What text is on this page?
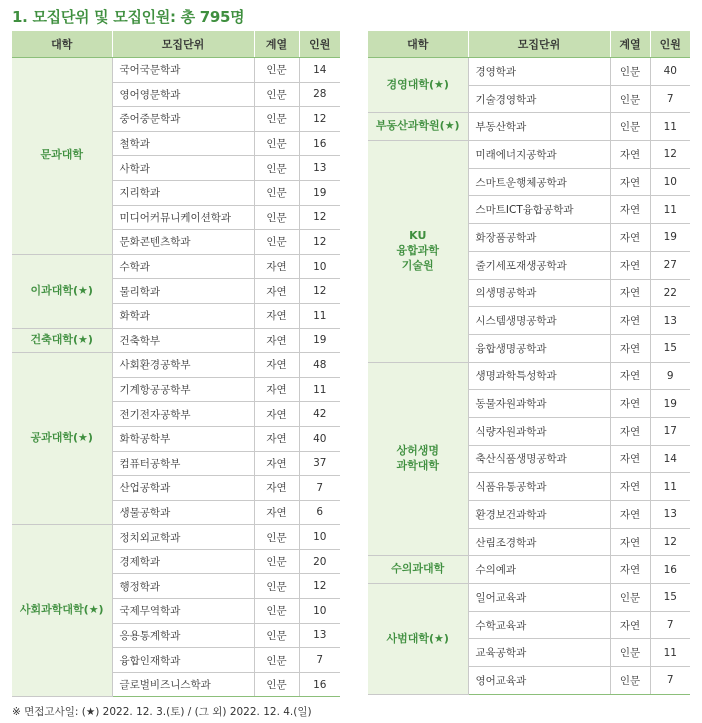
1. 모집단위 및 모집인원: 총 795명
대학	모집단위	계열	인원
문과대학	국어국문학과	인문	14
	영어영문학과	인문	28
	중어중문학과	인문	12
	철학과	인문	16
	사학과	인문	13
	지리학과	인문	19
	미디어커뮤니케이션학과	인문	12
	문화콘텐츠학과	인문	12
이과대학(★)	수학과	자연	10
	물리학과	자연	12
	화학과	자연	11
건축대학(★)	건축학부	자연	19
공과대학(★)	사회환경공학부	자연	48
	기계항공공학부	자연	11
	전기전자공학부	자연	42
	화학공학부	자연	40
	컴퓨터공학부	자연	37
	산업공학과	자연	7
	생물공학과	자연	6
사회과학대학(★)	정치외교학과	인문	10
	경제학과	인문	20
	행정학과	인문	12
	국제무역학과	인문	10
	응용통계학과	인문	13
	융합인재학과	인문	7
	글로벌비즈니스학과	인문	16
대학	모집단위	계열	인원
경영대학(★)	경영학과	인문	40
	기술경영학과	인문	7
부동산과학원(★)	부동산학과	인문	11
KU
융합과학
기술원	미래에너지공학과	자연	12
	스마트운행체공학과	자연	10
	스마트ICT융합공학과	자연	11
	화장품공학과	자연	19
	줄기세포재생공학과	자연	27
	의생명공학과	자연	22
	시스템생명공학과	자연	13
	융합생명공학과	자연	15
상허생명
과학대학	생명과학특성학과	자연	9
	동물자원과학과	자연	19
	식량자원과학과	자연	17
	축산식품생명공학과	자연	14
	식품유통공학과	자연	11
	환경보건과학과	자연	13
	산림조경학과	자연	12
수의과대학	수의예과	자연	16
사범대학(★)	일어교육과	인문	15
	수학교육과	자연	7
	교육공학과	인문	11
	영어교육과	인문	7
※ 면접고사일: (★) 2022. 12. 3.(토) / (그 외) 2022. 12. 4.(일)
